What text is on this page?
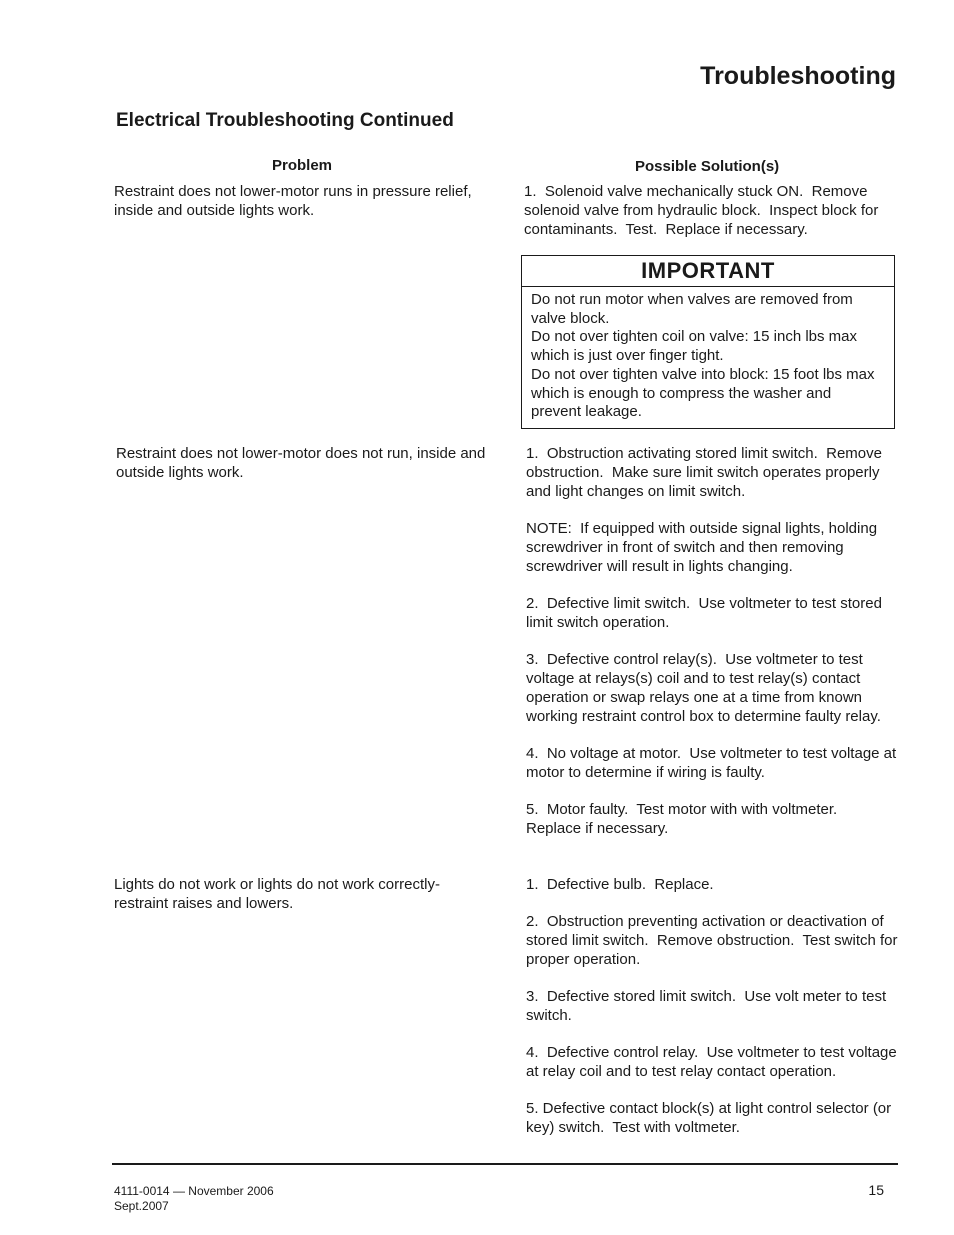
Troubleshooting
Electrical Troubleshooting Continued
Problem	Possible Solution(s)
Restraint does not lower-motor runs in pressure relief, inside and outside lights work.

1.  Solenoid valve mechanically stuck ON.  Remove solenoid valve from hydraulic block.  Inspect block for contaminants.  Test.  Replace if necessary.

IMPORTANT
Do not run motor when valves are removed from valve block.
Do not over tighten coil on valve: 15 inch lbs max which is just over finger tight.
Do not over tighten valve into block: 15 foot lbs max which is enough to compress the washer and prevent leakage.
Restraint does not lower-motor does not run, inside and outside lights work.

1.  Obstruction activating stored limit switch.  Remove obstruction.  Make sure limit switch operates properly and light changes on limit switch.

NOTE:  If equipped with outside signal lights, holding screwdriver in front of switch and then removing screwdriver will result in lights changing.

2.  Defective limit switch.  Use voltmeter to test stored limit switch operation.

3.  Defective control relay(s).  Use voltmeter to test voltage at relays(s) coil and to test relay(s) contact operation or swap relays one at a time from known working restraint control box to determine faulty relay.

4.  No voltage at motor.  Use voltmeter to test voltage at motor to determine if wiring is faulty.

5.  Motor faulty.  Test motor with with voltmeter.  Replace if necessary.

Lights do not work or lights do not work correctly-restraint raises and lowers.

1.  Defective bulb.  Replace.

2.  Obstruction preventing activation or deactivation of stored limit switch.  Remove obstruction.  Test switch for proper operation.

3.  Defective stored limit switch.  Use volt meter to test switch.

4.  Defective control relay.  Use voltmeter to test voltage at relay coil and to test relay contact operation.

5. Defective contact block(s) at light control selector (or key) switch.  Test with voltmeter.

4111-0014 — November 2006
Sept.2007
15
